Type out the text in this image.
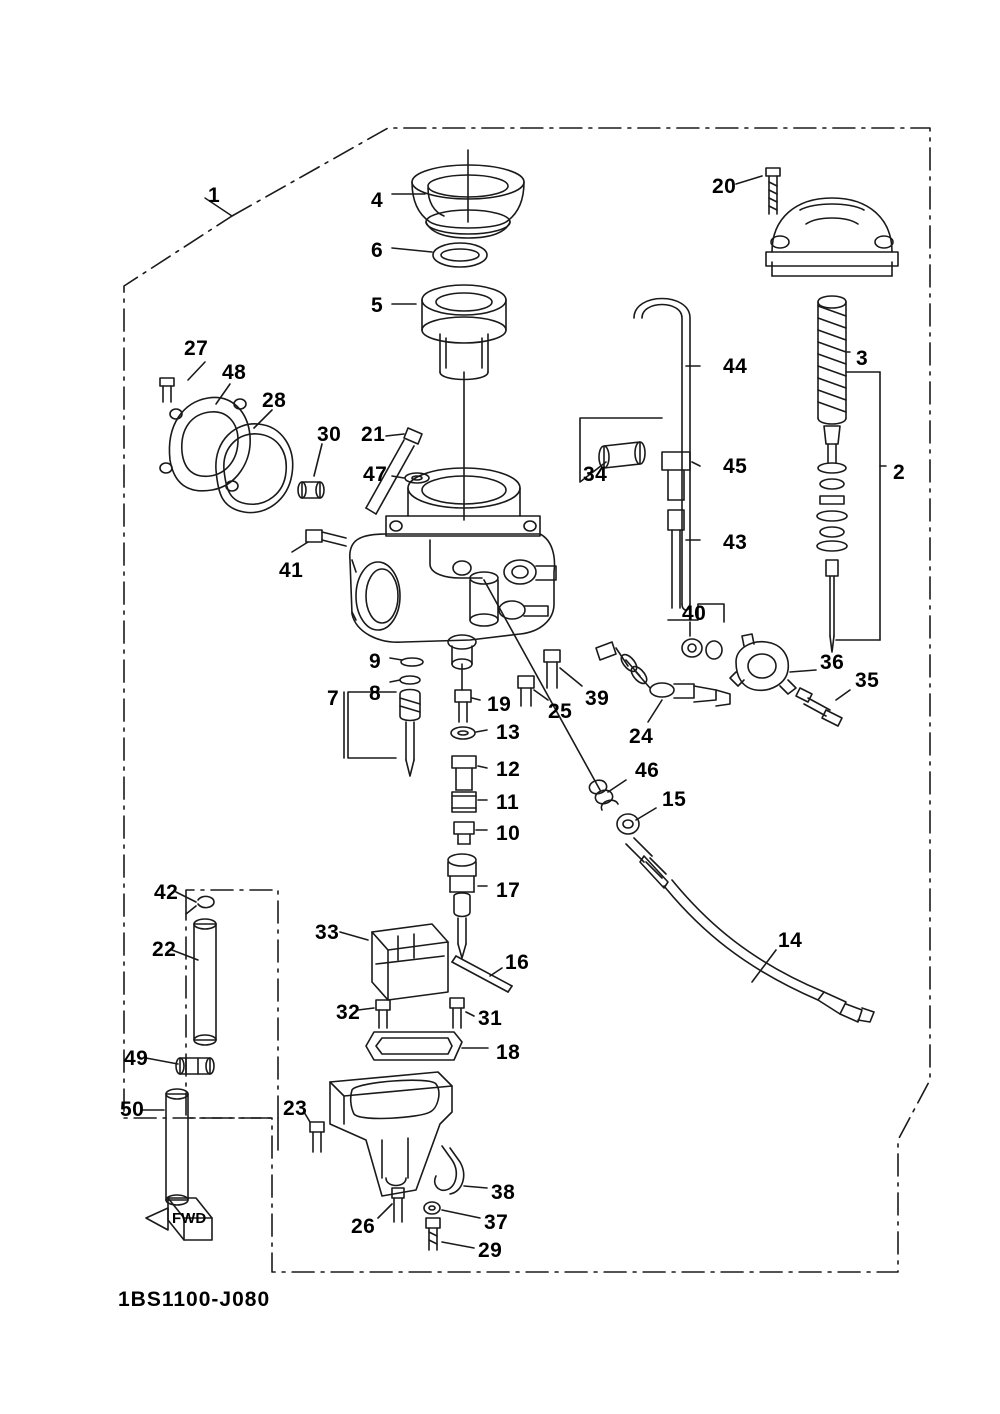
1
2
3
4
5
6
7 8
9
10
11
12
13
14
15
16
17
18
19
20
21
22
23
24
25
26
27
28
29
30
31
32
33
34
35
36
37
38
39
40
41
42
43
44
45
46
47
48
49
50
FWD
1BS1100-J080
